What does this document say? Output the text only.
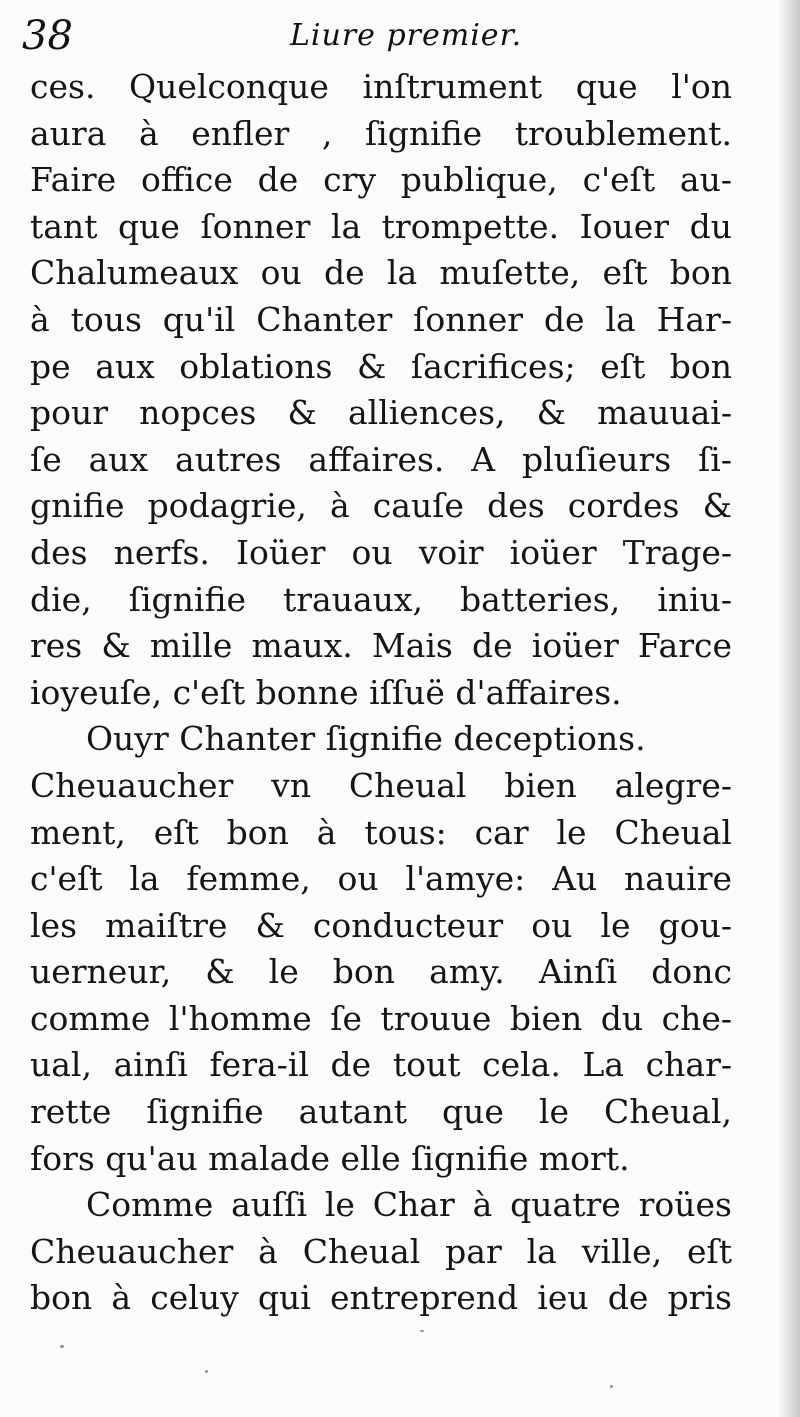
38	Liure premier.
ces. Quelconque inſtrument que l'on
aura à enfler , ſignifie troublement.
Faire office de cry publique, c'eſt au-
tant que ſonner la trompette. Iouer du
Chalumeaux ou de la muſette, eſt bon
à tous qu'il Chanter ſonner de la Har-
pe aux oblations & ſacrifices; eſt bon
pour nopces & alliences, & mauuai-
ſe aux autres affaires. A pluſieurs ſi-
gnifie podagrie, à cauſe des cordes &
des nerfs. Ioüer ou voir ioüer Trage-
die, ſignifie trauaux, batteries, iniu-
res & mille maux. Mais de ioüer Farce
ioyeuſe, c'eſt bonne iſſuë d'affaires.
Ouyr Chanter ſignifie deceptions.
Cheuaucher vn Cheual bien alegre-
ment, eſt bon à tous: car le Cheual
c'eſt la femme, ou l'amye: Au nauire
les maiſtre & conducteur ou le gou-
uerneur, & le bon amy. Ainſi donc
comme l'homme ſe trouue bien du che-
ual, ainſi fera-il de tout cela. La char-
rette ſignifie autant que le Cheual,
fors qu'au malade elle ſignifie mort.
Comme auſſi le Char à quatre roües
Cheuaucher à Cheual par la ville, eſt
bon à celuy qui entreprend ieu de pris
